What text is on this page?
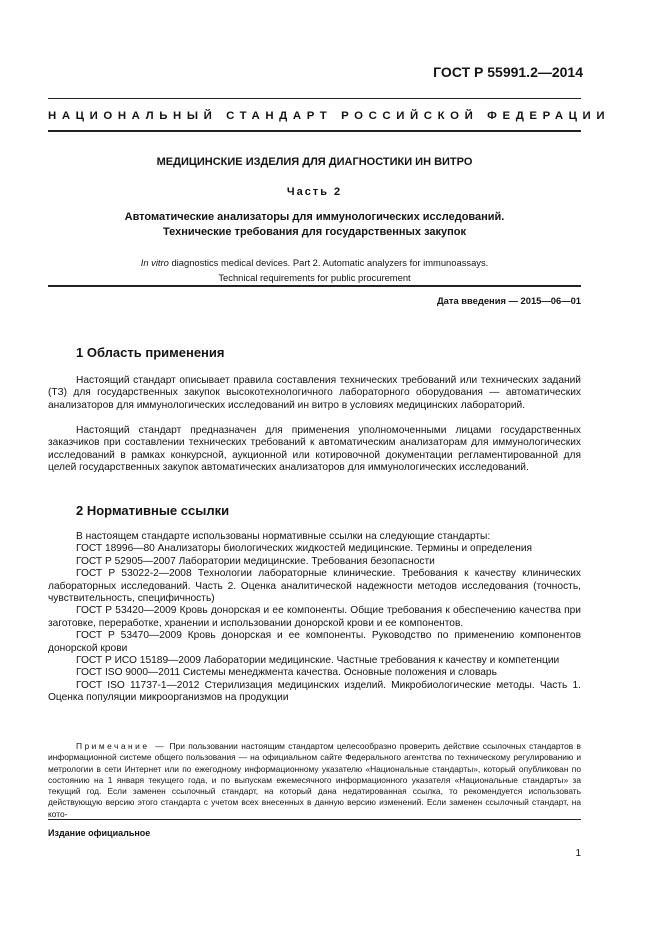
ГОСТ Р 55991.2—2014
НАЦИОНАЛЬНЫЙ СТАНДАРТ РОССИЙСКОЙ ФЕДЕРАЦИИ
МЕДИЦИНСКИЕ ИЗДЕЛИЯ ДЛЯ ДИАГНОСТИКИ ИН ВИТРО
Часть 2
Автоматические анализаторы для иммунологических исследований.
Технические требования для государственных закупок
In vitro diagnostics medical devices. Part 2. Automatic analyzers for immunoassays.
Technical requirements for public procurement
Дата введения — 2015—06—01
1 Область применения
Настоящий стандарт описывает правила составления технических требований или технических заданий (ТЗ) для государственных закупок высокотехнологичного лабораторного оборудования — автоматических анализаторов для иммунологических исследований ин витро в условиях медицинских лабораторий.
Настоящий стандарт предназначен для применения уполномоченными лицами государственных заказчиков при составлении технических требований к автоматическим анализаторам для иммунологических исследований в рамках конкурсной, аукционной или котировочной документации регламентированной для целей государственных закупок автоматических анализаторов для иммунологических исследований.
2 Нормативные ссылки
В настоящем стандарте использованы нормативные ссылки на следующие стандарты:
ГОСТ 18996—80 Анализаторы биологических жидкостей медицинские. Термины и определения
ГОСТ Р 52905—2007 Лаборатории медицинские. Требования безопасности
ГОСТ Р 53022-2—2008 Технологии лабораторные клинические. Требования к качеству клинических лабораторных исследований. Часть 2. Оценка аналитической надежности методов исследования (точность, чувствительность, специфичность)
ГОСТ Р 53420—2009 Кровь донорская и ее компоненты. Общие требования к обеспечению качества при заготовке, переработке, хранении и использовании донорской крови и ее компонентов.
ГОСТ Р 53470—2009 Кровь донорская и ее компоненты. Руководство по применению компонентов донорской крови
ГОСТ Р ИСО 15189—2009 Лаборатории медицинские. Частные требования к качеству и компетенции
ГОСТ ISO 9000—2011 Системы менеджмента качества. Основные положения и словарь
ГОСТ ISO 11737-1—2012 Стерилизация медицинских изделий. Микробиологические методы. Часть 1. Оценка популяции микроорганизмов на продукции
Примечание — При пользовании настоящим стандартом целесообразно проверить действие ссылочных стандартов в информационной системе общего пользования — на официальном сайте Федерального агентства по техническому регулированию и метрологии в сети Интернет или по ежегодному информационному указателю «Национальные стандарты», который опубликован по состоянию на 1 января текущего года, и по выпускам ежемесячного информационного указателя «Национальные стандарты» за текущий год. Если заменен ссылочный стандарт, на который дана недатированная ссылка, то рекомендуется использовать действующую версию этого стандарта с учетом всех внесенных в данную версию изменений. Если заменен ссылочный стандарт, на кото-
Издание официальное
1
